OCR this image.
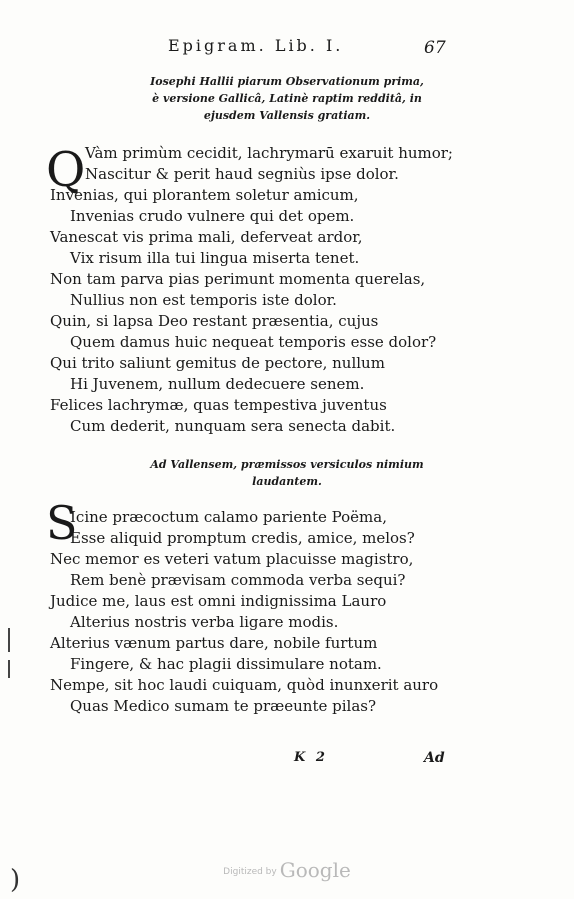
Epigram. Lib. I.	67
Iosephi Hallii piarum Observationum prima,
è versione Gallicâ, Latinè raptim redditâ, in
ejusdem Vallensis gratiam.
Q Vàm primùm cecidit, lachrymarū exaruit humor;
Nascitur & perit haud segniùs ipse dolor.
Invenias, qui plorantem soletur amicum,
Invenias crudo vulnere qui det opem.
Vanescat vis prima mali, deferveat ardor,
Vix risum illa tui lingua miserta tenet.
Non tam parva pias perimunt momenta querelas,
Nullius non est temporis iste dolor.
Quin, si lapsa Deo restant præsentia, cujus
Quem damus huic nequeat temporis esse dolor?
Qui trito saliunt gemitus de pectore, nullum
Hi Juvenem, nullum dedecuere senem.
Felices lachrymæ, quas tempestiva juventus
Cum dederit, nunquam sera senecta dabit.
Ad Vallensem, præmissos versiculos nimium
laudantem.
S
Icine præcoctum calamo pariente Poëma,
Esse aliquid promptum credis, amice, melos?
Nec memor es veteri vatum placuisse magistro,
Rem benè prævisam commoda verba sequi?
Judice me, laus est omni indignissima Lauro
Alterius nostris verba ligare modis.
Alterius vænum partus dare, nobile furtum
Fingere, & hac plagii dissimulare notam.
Nempe, sit hoc laudi cuiquam, quòd inunxerit auro
Quas Medico sumam te præeunte pilas?
K 2	Ad
Digitized by Google
)
